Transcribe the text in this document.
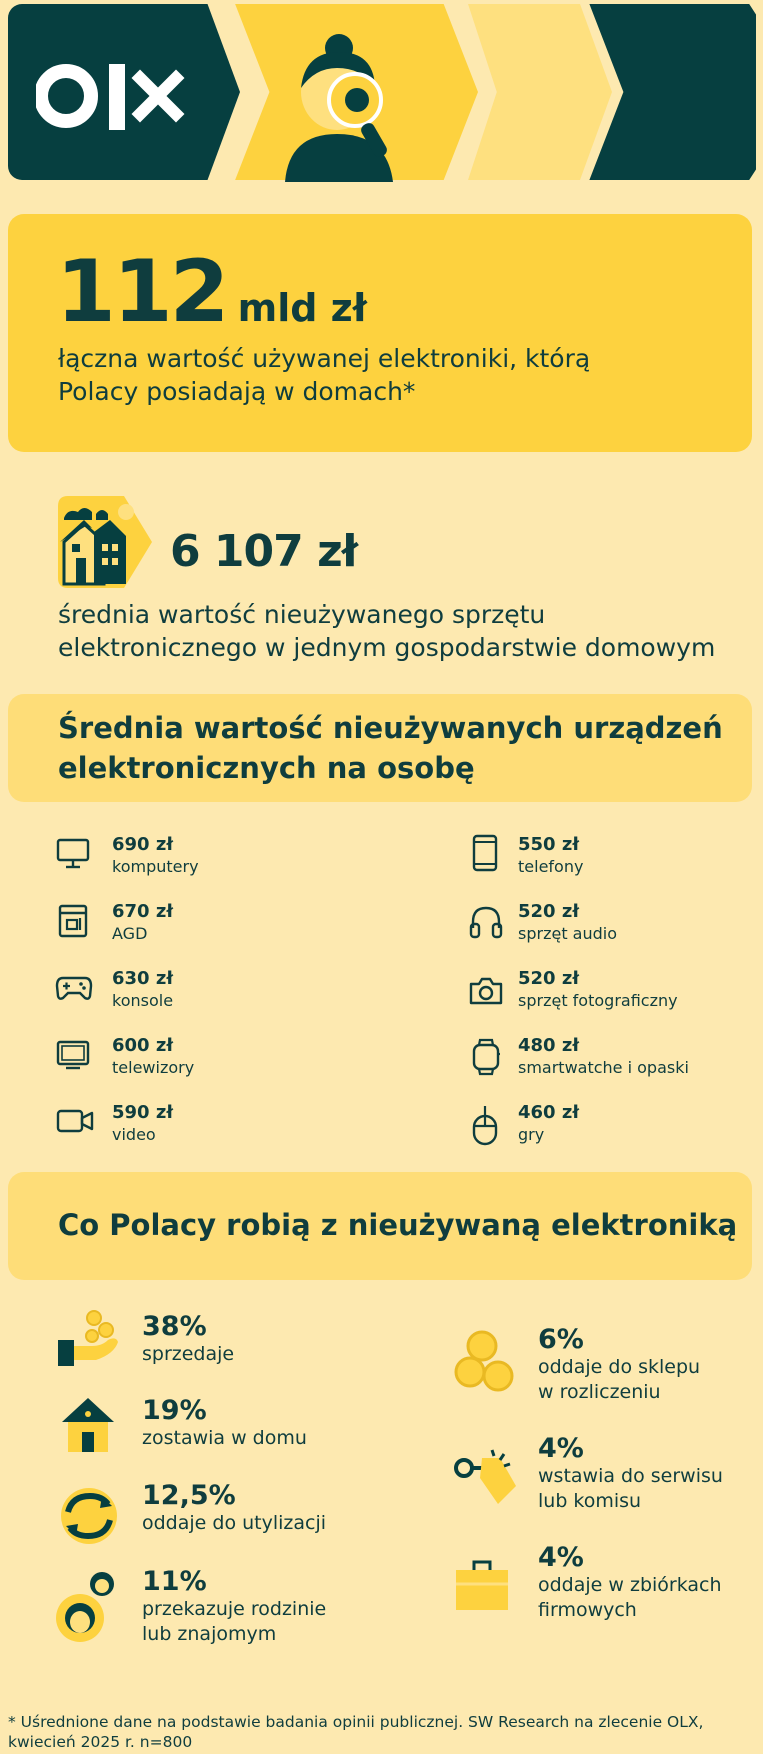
112 mld zł
łączna wartość używanej elektroniki, którą
Polacy posiadają w domach*
6 107 zł
średnia wartość nieużywanego sprzętu
elektronicznego w jednym gospodarstwie domowym
Średnia wartość nieużywanych urządzeń
elektronicznych na osobę
690 zł
komputery
670 zł
AGD
630 zł
konsole
600 zł
telewizory
590 zł
video
550 zł
telefony
520 zł
sprzęt audio
520 zł
sprzęt fotograficzny
480 zł
smartwatche i opaski
460 zł
gry
Co Polacy robią z nieużywaną elektroniką
38%
sprzedaje
19%
zostawia w domu
12,5%
oddaje do utylizacji
11%
przekazuje rodzinie
lub znajomym
6%
oddaje do sklepu
w rozliczeniu
4%
wstawia do serwisu
lub komisu
4%
oddaje w zbiórkach
firmowych
* Uśrednione dane na podstawie badania opinii publicznej. SW Research na zlecenie OLX,
kwiecień 2025 r. n=800
